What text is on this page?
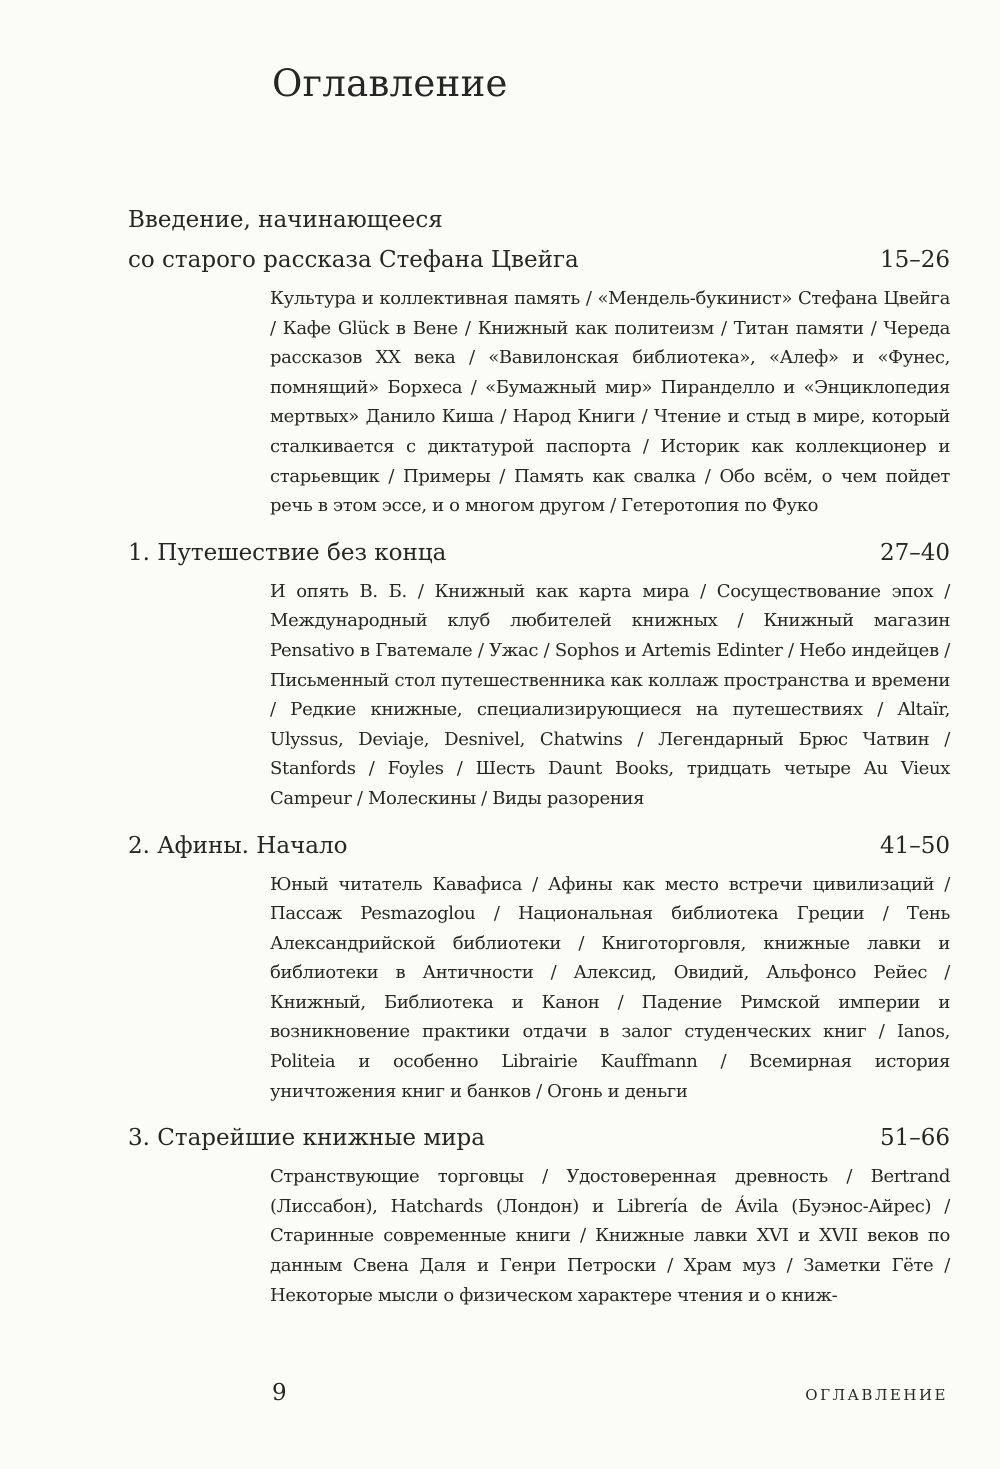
Оглавление
Введение, начинающееся
со старого рассказа Стефана Цвейга	15–26
Культура и коллективная память / «Мендель-букинист» Стефана Цвейга / Кафе Glück в Вене / Книжный как политеизм / Титан памяти / Череда рассказов XX века / «Вавилонская библиотека», «Алеф» и «Фунес, помнящий» Борхеса / «Бумажный мир» Пиранделло и «Энциклопедия мертвых» Данило Киша / Народ Книги / Чтение и стыд в мире, который сталкивается с диктатурой паспорта / Историк как коллекционер и старьевщик / Примеры / Память как свалка / Обо всём, о чем пойдет речь в этом эссе, и о многом другом / Гетеротопия по Фуко
1. Путешествие без конца	27–40
И опять В. Б. / Книжный как карта мира / Сосуществование эпох / Международный клуб любителей книжных / Книжный магазин Pensativo в Гватемале / Ужас / Sophos и Artemis Edinter / Небо индейцев / Письменный стол путешественника как коллаж пространства и времени / Редкие книжные, специализирующиеся на путешествиях / Altaïr, Ulyssus, Deviaje, Desnivel, Chatwins / Легендарный Брюс Чатвин / Stanfords / Foyles / Шесть Daunt Books, тридцать четыре Au Vieux Campeur / Молескины / Виды разорения
2. Афины. Начало	41–50
Юный читатель Кавафиса / Афины как место встречи цивилизаций / Пассаж Pesmazoglou / Национальная библиотека Греции / Тень Александрийской библиотеки / Книготорговля, книжные лавки и библиотеки в Античности / Алексид, Овидий, Альфонсо Рейес / Книжный, Библиотека и Канон / Падение Римской империи и возникновение практики отдачи в залог студенческих книг / Ianos, Politeia и особенно Librairie Kauffmann / Всемирная история уничтожения книг и банков / Огонь и деньги
3. Старейшие книжные мира	51–66
Странствующие торговцы / Удостоверенная древность / Bertrand (Лиссабон), Hatchards (Лондон) и Librería de Ávila (Буэнос-Айрес) / Старинные современные книги / Книжные лавки XVI и XVII веков по данным Свена Даля и Генри Петроски / Храм муз / Заметки Гёте / Некоторые мысли о физическом характере чтения и о книж-
9	ОГЛАВЛЕНИЕ
